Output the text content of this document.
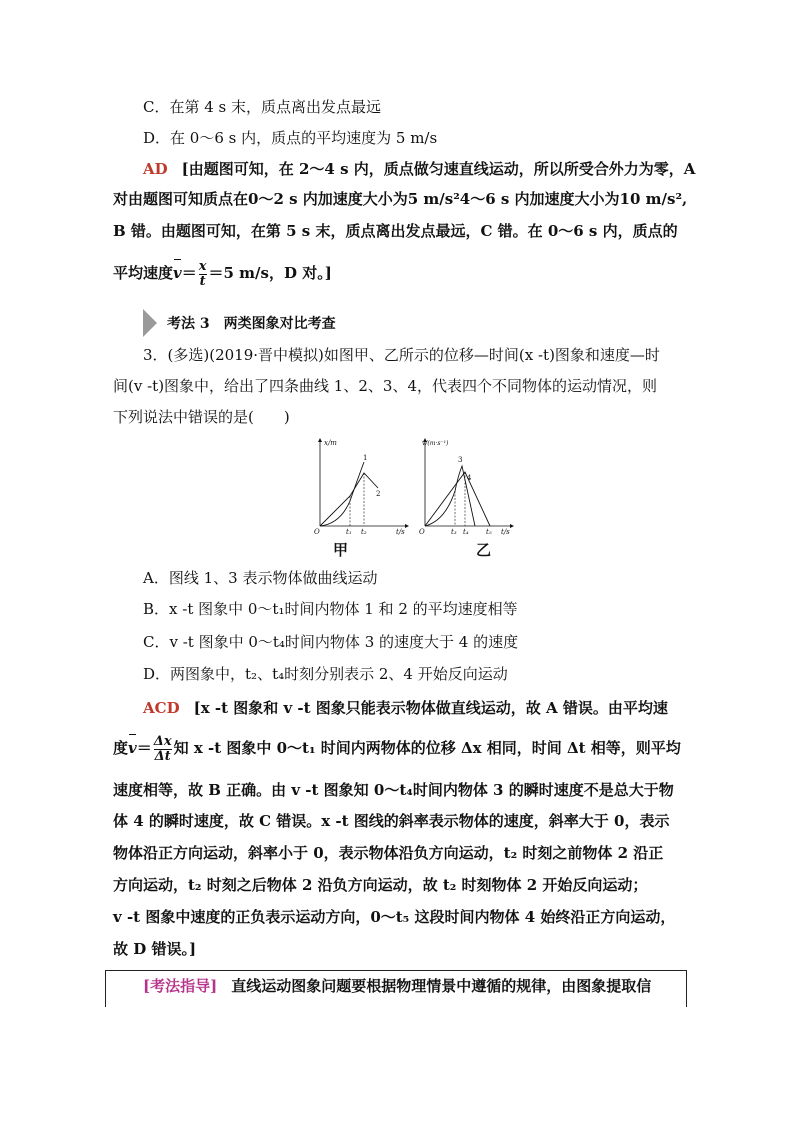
C．在第 4 s 末，质点离出发点最远
D．在 0～6 s 内，质点的平均速度为 5 m/s
AD [由题图可知，在 2～4 s 内，质点做匀速直线运动，所以所受合外力为零，A
对由题图可知质点在0～2 s 内加速度大小为5 m/s²4～6 s 内加速度大小为10 m/s²,
B 错。由题图可知，在第 5 s 末，质点离出发点最远，C 错。在 0～6 s 内，质点的
平均速度$v= \frac{x}{t} =5$ m/s，D 对。]
考法 3　两类图象对比考查
3．(多选)(2019·晋中模拟)如图甲、乙所示的位移—时间(x -t)图象和速度—时
间(v -t)图象中，给出了四条曲线 1、2、3、4，代表四个不同物体的运动情况，则
下列说法中错误的是(　　)
x/m
t/s
O
1
2
t₁ t₂
v/(m·s⁻¹)
t/s
O
3
4
t₃ t₄ t₅
甲	乙
A．图线 1、3 表示物体做曲线运动
B．x -t 图象中 0～t₁时间内物体 1 和 2 的平均速度相等
C．v -t 图象中 0～t₄时间内物体 3 的速度大于 4 的速度
D．两图象中，t₂、t₄时刻分别表示 2、4 开始反向运动
ACD [x -t 图象和 v -t 图象只能表示物体做直线运动，故 A 错误。由平均速
度$v= \frac{\Delta x}{\Delta t}$ 知 x -t 图象中 0～t₁ 时间内两物体的位移 Δx 相同，时间 Δt 相等，则平均
速度相等，故 B 正确。由 v -t 图象知 0～t₄时间内物体 3 的瞬时速度不是总大于物
体 4 的瞬时速度，故 C 错误。x -t 图线的斜率表示物体的速度，斜率大于 0，表示
物体沿正方向运动，斜率小于 0，表示物体沿负方向运动，t₂ 时刻之前物体 2 沿正
方向运动，t₂ 时刻之后物体 2 沿负方向运动，故 t₂ 时刻物体 2 开始反向运动；
v -t 图象中速度的正负表示运动方向，0～t₅ 这段时间内物体 4 始终沿正方向运动，
故 D 错误。]
[考法指导] 直线运动图象问题要根据物理情景中遵循的规律，由图象提取信
